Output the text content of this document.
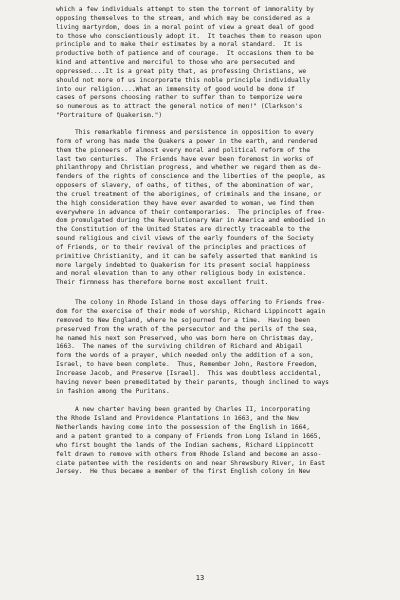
which a few individuals attempt to stem the torrent of immorality by
opposing themselves to the stream, and which may be considered as a
living martyrdom, does in a moral point of view a great deal of good
to those who conscientiously adopt it.  It teaches them to reason upon
principle and to make their estimates by a moral standard.  It is
productive both of patience and of courage.  It occasions them to be
kind and attentive and merciful to those who are persecuted and
oppressed....It is a great pity that, as professing Christians, we
should not more of us incorporate this noble principle individually
into our religion....What an immensity of good would be done if
cases of persons choosing rather to suffer than to temporize were
so numerous as to attract the general notice of men!" (Clarkson's
"Portraiture of Quakerism.")
This remarkable firmness and persistence in opposition to every
form of wrong has made the Quakers a power in the earth, and rendered
them the pioneers of almost every moral and political reform of the
last two centuries.  The Friends have ever been foremost in works of
philanthropy and Christian progress, and whether we regard them as de-
fenders of the rights of conscience and the liberties of the people, as
opposers of slavery, of oaths, of tithes, of the abomination of war,
the cruel treatment of the aborigines, of criminals and the insane, or
the high consideration they have ever awarded to woman, we find them
everywhere in advance of their contemporaries.  The principles of free-
dom promulgated during the Revolutionary War in America and embodied in
the Constitution of the United States are directly traceable to the
sound religious and civil views of the early founders of the Society
of Friends, or to their revival of the principles and practices of
primitive Christianity, and it can be safely asserted that mankind is
more largely indebted to Quakerism for its present social happiness
and moral elevation than to any other religious body in existence.
Their firmness has therefore borne most excellent fruit.
The colony in Rhode Island in those days offering to Friends free-
dom for the exercise of their mode of worship, Richard Lippincott again
removed to New England, where he sojourned for a time.  Having been
preserved from the wrath of the persecutor and the perils of the sea,
he named his next son Preserved, who was born here on Christmas day,
1663.  The names of the surviving children of Richard and Abigail
form the words of a prayer, which needed only the addition of a son,
Israel, to have been complete.  Thus, Remember John, Restore Freedom,
Increase Jacob, and Preserve [Israel].  This was doubtless accidental,
having never been premeditated by their parents, though inclined to ways
in fashion among the Puritans.
A new charter having been granted by Charles II, incorporating
the Rhode Island and Providence Plantations in 1663, and the New
Netherlands having come into the possession of the English in 1664,
and a patent granted to a company of Friends from Long Island in 1665,
who first bought the lands of the Indian sachems, Richard Lippincott
felt drawn to remove with others from Rhode Island and become an asso-
ciate patentee with the residents on and near Shrewsbury River, in East
Jersey.  He thus became a member of the first English colony in New
13
